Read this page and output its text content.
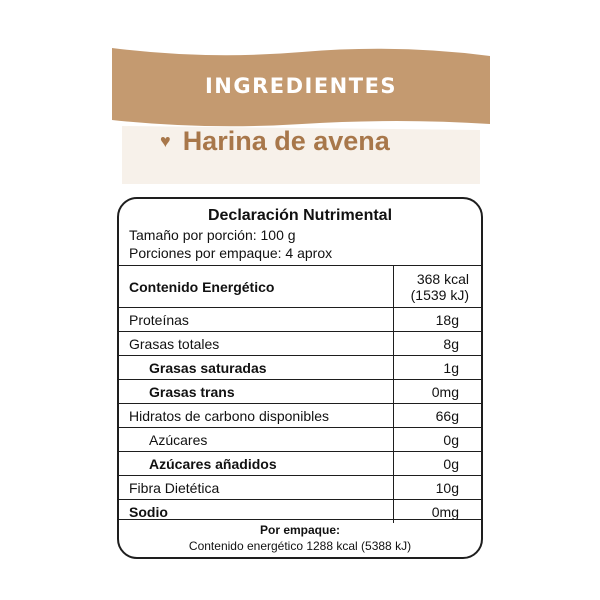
INGREDIENTES
♥ Harina de avena
Declaración Nutrimental
Tamaño por porción: 100 g
Porciones por empaque: 4 aprox
Contenido Energético	368 kcal
(1539 kJ)
Proteínas	18g
Grasas totales	8g
Grasas saturadas	1g
Grasas trans	0mg
Hidratos de carbono disponibles	66g
Azúcares	0g
Azúcares añadidos	0g
Fibra Dietética	10g
Sodio	0mg
Por empaque:
Contenido energético 1288 kcal (5388 kJ)
